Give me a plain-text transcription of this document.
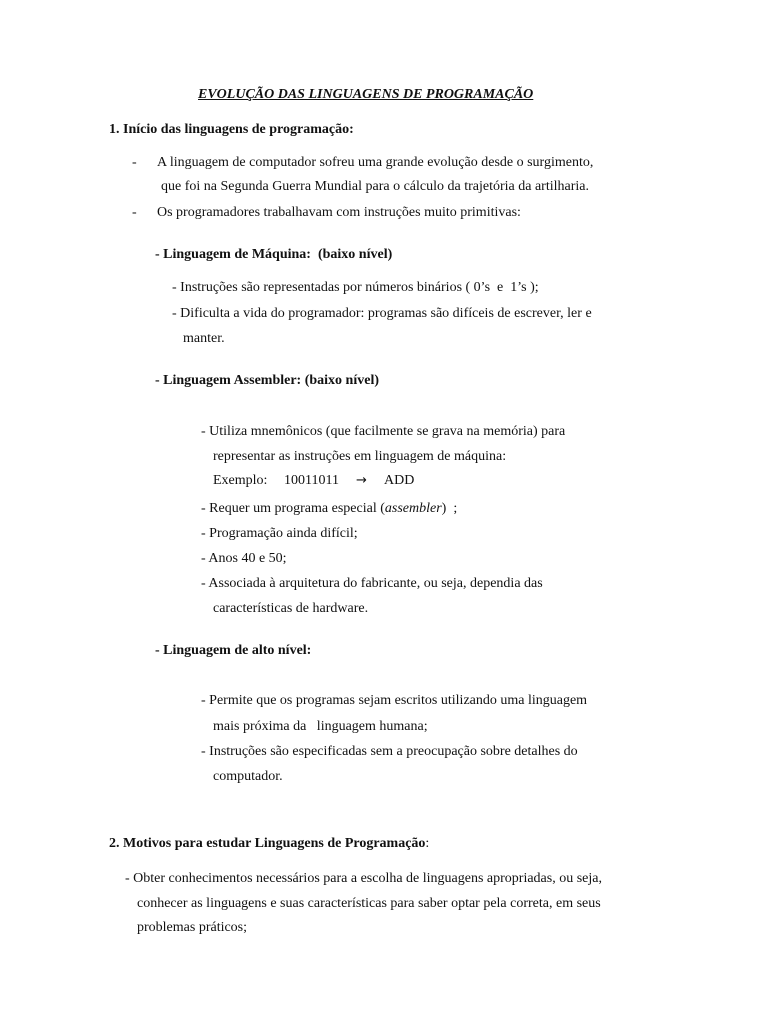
EVOLUÇÃO DAS LINGUAGENS DE PROGRAMAÇÃO
1. Início das linguagens de programação:
- A linguagem de computador sofreu uma grande evolução desde o surgimento,
que foi na Segunda Guerra Mundial para o cálculo da trajetória da artilharia.
- Os programadores trabalhavam com instruções muito primitivas:
- Linguagem de Máquina:  (baixo nível)
- Instruções são representadas por números binários ( 0’s  e  1’s );
- Dificulta a vida do programador: programas são difíceis de escrever, ler e
manter.
- Linguagem Assembler: (baixo nível)
- Utiliza mnemônicos (que facilmente se grava na memória) para
representar as instruções em linguagem de máquina:
Exemplo: 10011011 → ADD
- Requer um programa especial (assembler)  ;
- Programação ainda difícil;
- Anos 40 e 50;
- Associada à arquitetura do fabricante, ou seja, dependia das
características de hardware.
- Linguagem de alto nível:
- Permite que os programas sejam escritos utilizando uma linguagem
mais próxima da   linguagem humana;
- Instruções são especificadas sem a preocupação sobre detalhes do
computador.
2. Motivos para estudar Linguagens de Programação:
- Obter conhecimentos necessários para a escolha de linguagens apropriadas, ou seja,
conhecer as linguagens e suas características para saber optar pela correta, em seus
problemas práticos;
